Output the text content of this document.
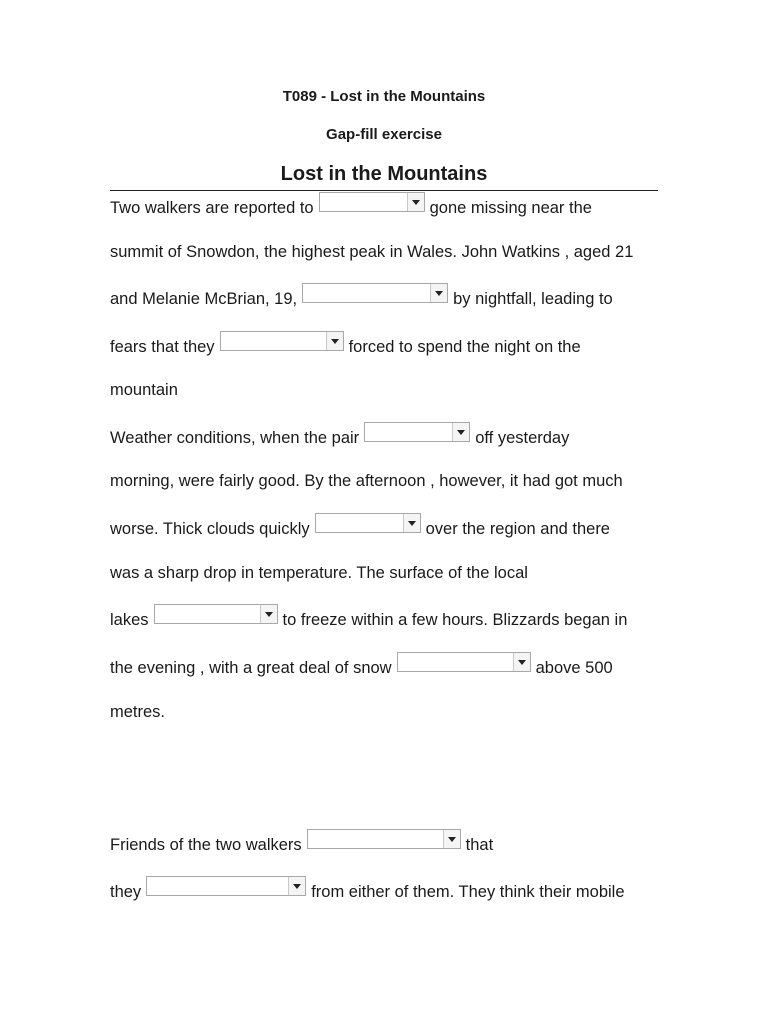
T089 - Lost in the Mountains
Gap-fill exercise
Lost in the Mountains
Two walkers are reported to	gone missing near the
summit of Snowdon, the highest peak in Wales. John Watkins , aged 21
and Melanie McBrian, 19,	by nightfall, leading to
fears that they	forced to spend the night on the
mountain
Weather conditions, when the pair	off yesterday
morning, were fairly good. By the afternoon , however, it had got much
worse. Thick clouds quickly	over the region and there
was a sharp drop in temperature. The surface of the local
lakes	to freeze within a few hours. Blizzards began in
the evening , with a great deal of snow	above 500
metres.
Friends of the two walkers	that
they	from either of them. They think their mobile
